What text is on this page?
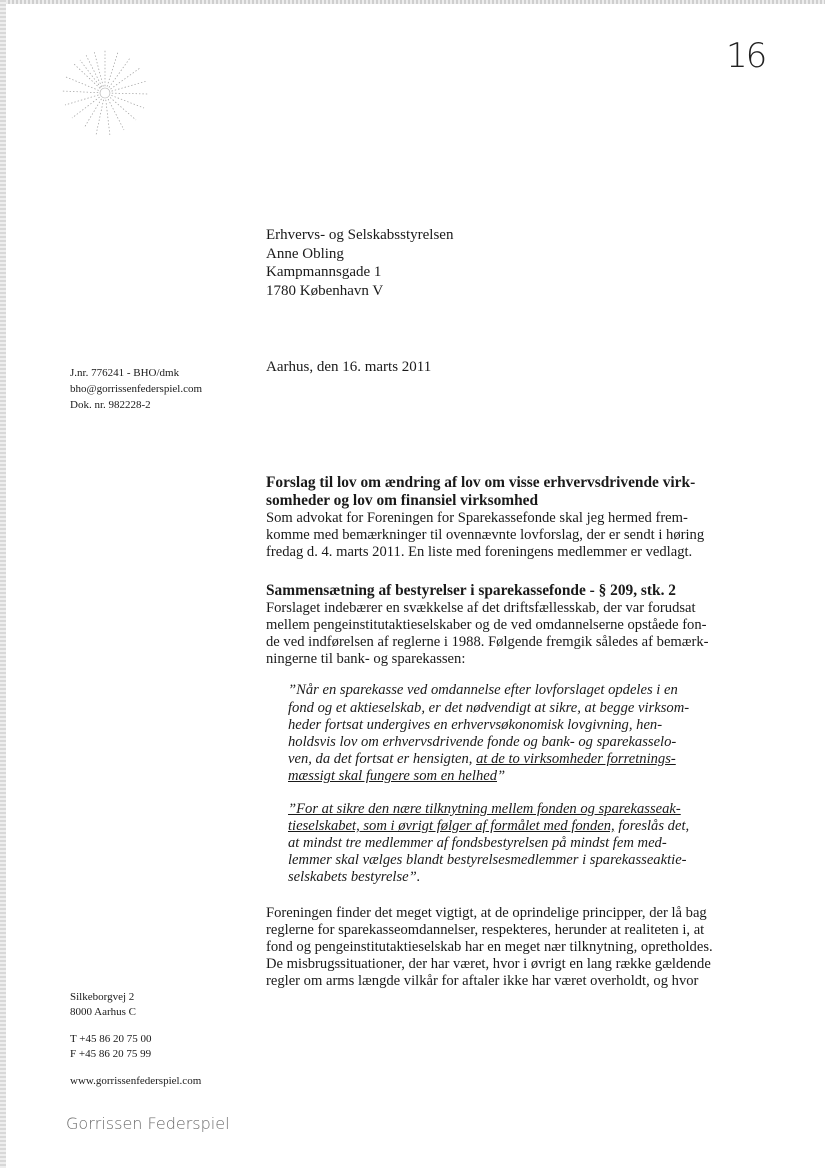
16
Erhvervs- og Selskabsstyrelsen
Anne Obling
Kampmannsgade 1
1780 København V
J.nr. 776241 - BHO/dmk
bho@gorrissenfederspiel.com
Dok. nr. 982228-2
Aarhus, den 16. marts 2011
Forslag til lov om ændring af lov om visse erhvervsdrivende virk-
somheder og lov om finansiel virksomhed
Som advokat for Foreningen for Sparekassefonde skal jeg hermed frem-
komme med bemærkninger til ovennævnte lovforslag, der er sendt i høring
fredag d. 4. marts 2011. En liste med foreningens medlemmer er vedlagt.
Sammensætning af bestyrelser i sparekassefonde - § 209, stk. 2
Forslaget indebærer en svækkelse af det driftsfællesskab, der var forudsat
mellem pengeinstitutaktieselskaber og de ved omdannelserne opståede fon-
de ved indførelsen af reglerne i 1988. Følgende fremgik således af bemærk-
ningerne til bank- og sparekassen:
”Når en sparekasse ved omdannelse efter lovforslaget opdeles i en
fond og et aktieselskab, er det nødvendigt at sikre, at begge virksom-
heder fortsat undergives en erhvervsøkonomisk lovgivning, hen-
holdsvis lov om erhvervsdrivende fonde og bank- og sparekasselo-
ven, da det fortsat er hensigten, at de to virksomheder forretnings-
mæssigt skal fungere som en helhed”
”For at sikre den nære tilknytning mellem fonden og sparekasseak-
tieselskabet, som i øvrigt følger af formålet med fonden, foreslås det,
at mindst tre medlemmer af fondsbestyrelsen på mindst fem med-
lemmer skal vælges blandt bestyrelsesmedlemmer i sparekasseaktie-
selskabets bestyrelse”.
Foreningen finder det meget vigtigt, at de oprindelige principper, der lå bag
reglerne for sparekasseomdannelser, respekteres, herunder at realiteten i, at
fond og pengeinstitutaktieselskab har en meget nær tilknytning, opretholdes.
De misbrugssituationer, der har været, hvor i øvrigt en lang række gældende
regler om arms længde vilkår for aftaler ikke har været overholdt, og hvor
Silkeborgvej 2
8000 Aarhus C
T +45 86 20 75 00
F +45 86 20 75 99
www.gorrissenfederspiel.com
Gorrissen Federspiel
